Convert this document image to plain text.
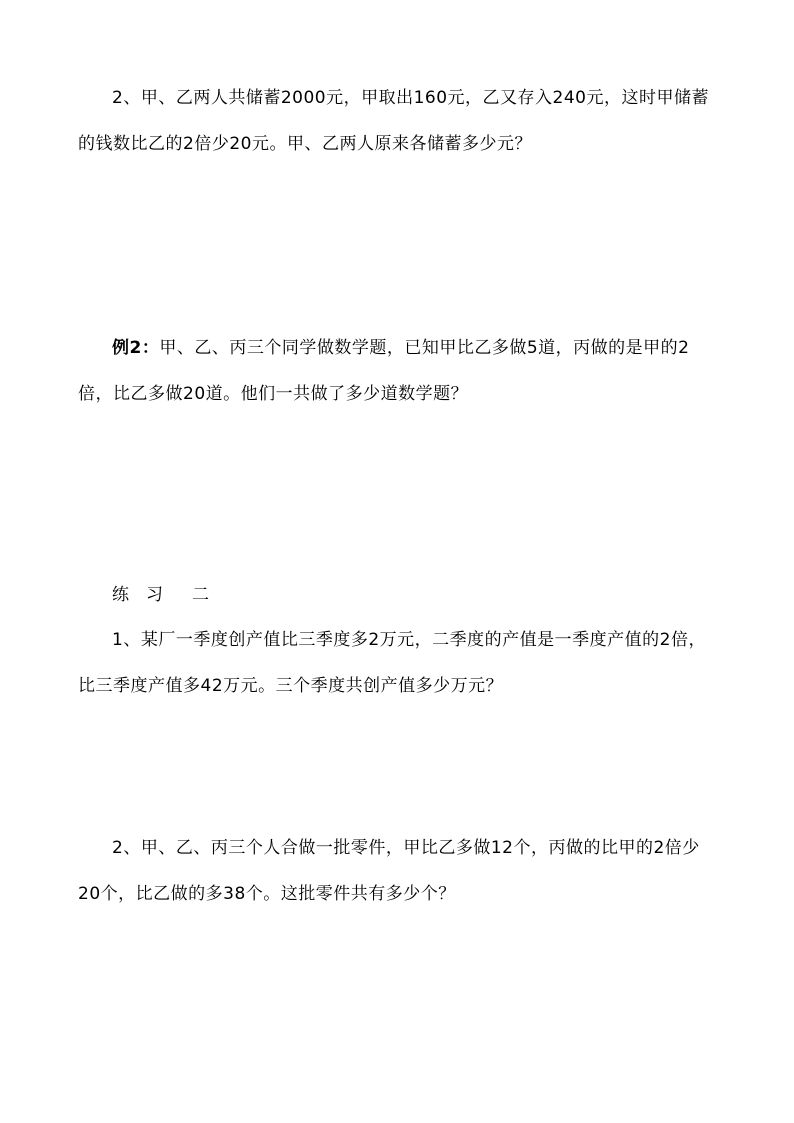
2、甲、乙两人共储蓄2000元，甲取出160元，乙又存入240元，这时甲储蓄的钱数比乙的2倍少20元。甲、乙两人原来各储蓄多少元？

例2：甲、乙、丙三个同学做数学题，已知甲比乙多做5道，丙做的是甲的2倍，比乙多做20道。他们一共做了多少道数学题？

练 习 二

1、某厂一季度创产值比三季度多2万元，二季度的产值是一季度产值的2倍，比三季度产值多42万元。三个季度共创产值多少万元？

2、甲、乙、丙三个人合做一批零件，甲比乙多做12个，丙做的比甲的2倍少20个，比乙做的多38个。这批零件共有多少个？
